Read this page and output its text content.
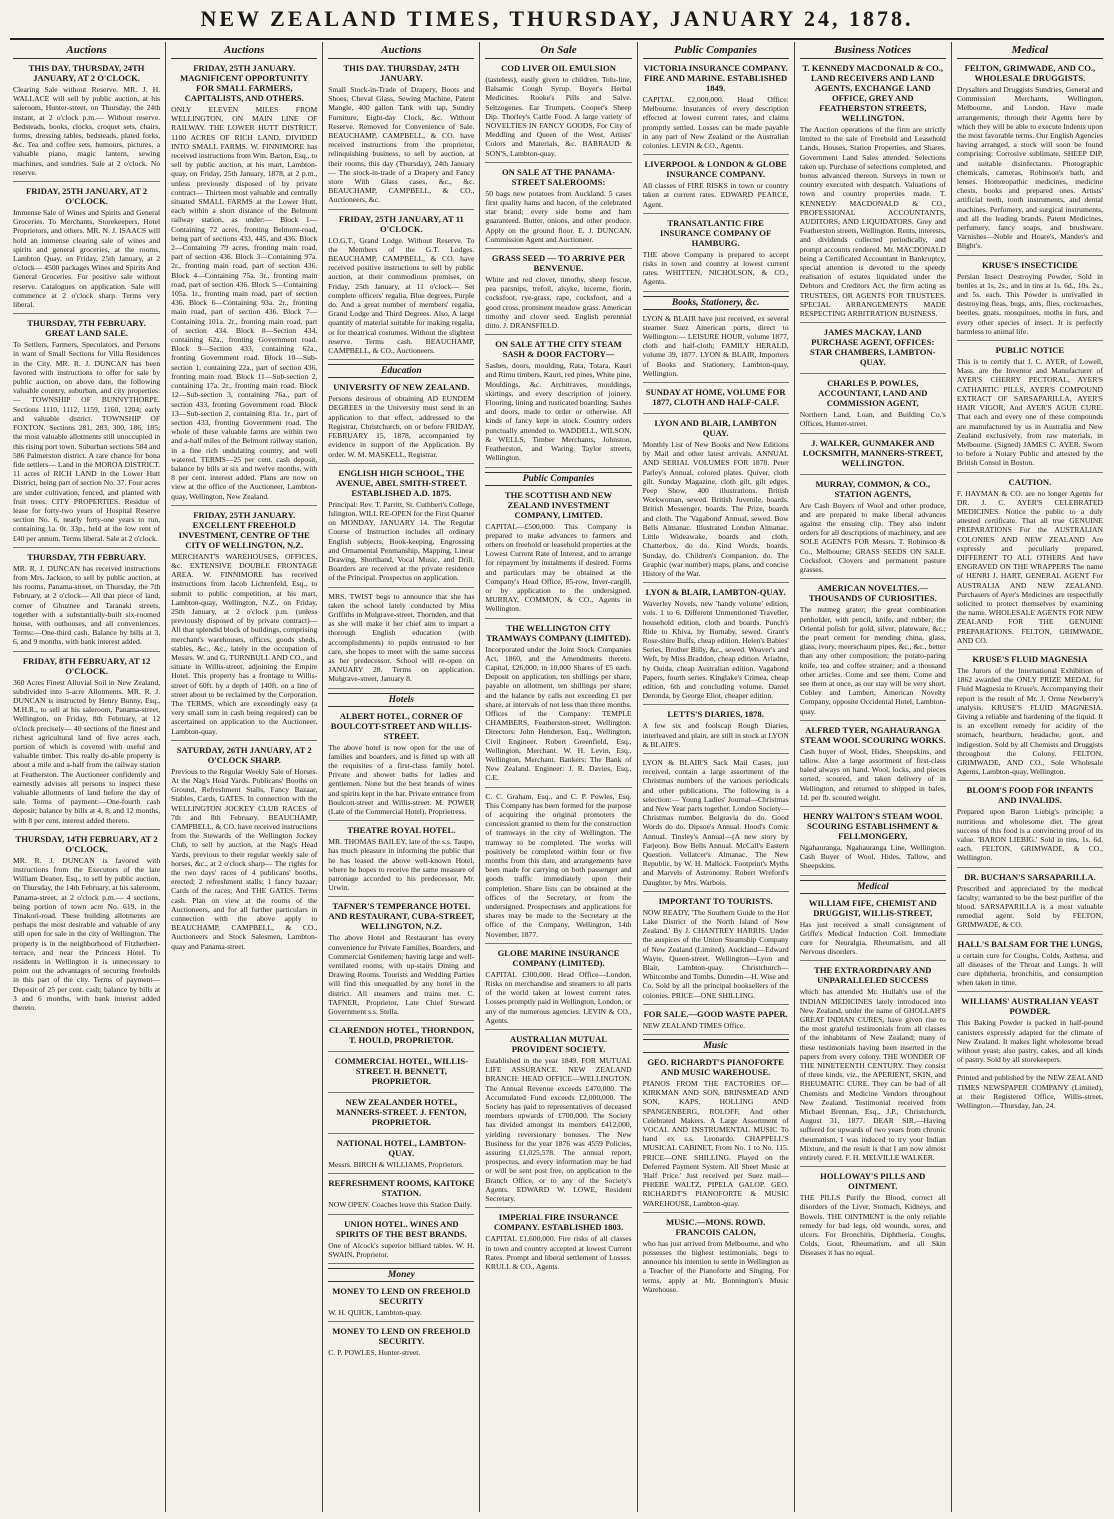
NEW ZEALAND TIMES, THURSDAY, JANUARY 24, 1878.
Auctions
THIS DAY. THURSDAY, 24TH JANUARY, AT 2 O'CLOCK.
Clearing Sale without Reserve. MR. J. H. WALLACE will sell by public auction, at his saleroom, Hunter-street, on Thursday, the 24th instant, at 2 o'clock p.m.— Without reserve. Bedsteads, books, clocks, croquet sets, chairs, forms, dressing tables, bedsteads, plated forks, &c. Tea and coffee sets, humours, pictures, a valuable piano, magic lantern, sewing machines, and sundries. Sale at 2 o'clock. No reserve.
FRIDAY, 25TH JANUARY, AT 2 O'CLOCK.
Immense Sale of Wines and Spirits and General Groceries. To Merchants, Storekeepers, Hotel Proprietors, and others. MR. N. J. ISAACS will hold an immense clearing sale of wines and spirits and general groceries, at the rooms, Lambton Quay, on Friday, 25th January, at 2 o'clock— 4500 packages Wines and Spirits And General Groceries. For positive sale without reserve. Catalogues on application. Sale will commence at 2 o'clock sharp. Terms very liberal.
THURSDAY, 7TH FEBRUARY. GREAT LAND SALE.
To Settlers, Farmers, Speculators, and Persons in want of Small Sections for Villa Residences in the City. MR. R. J. DUNCAN has been favored with instructions to offer for sale by public auction, on above date, the following valuable country, suburban, and city properties:— TOWNSHIP OF BUNNYTHORPE. Sections 1110, 1112, 1159, 1160, 1204; early and valuable district. TOWNSHIP OF FOXTON. Sections 281, 283, 300, 186, 185; the most valuable allotments still unoccupied in this rising port town. Suburban sections 584 and 586 Palmerston district. A rare chance for bona fide settlers— Land in the MOROA DISTRICT. 11 acres of RICH LAND in the Lower Hutt District, being part of section No. 37. Four acres are under cultivation, fenced, and planted with fruit trees. CITY PROPERTIES. Residue of lease for forty-two years of Hospital Reserve section No. 6, nearly forty-one years to run, containing 1a. 0r. 33p., held at the low rent of £40 per annum. Terms liberal. Sale at 2 o'clock.
THURSDAY, 7TH FEBRUARY.
MR. R. J. DUNCAN has received instructions from Mrs. Jackson, to sell by public auction, at his rooms, Panama-street, on Thursday, the 7th February, at 2 o'clock— All that piece of land, corner of Ghuznee and Taranaki streets, together with a substantially-built six-roomed house, with outhouses, and all conveniences. Terms:—One-third cash. Balance by bills at 3, 6, and 9 months, with bank interest added.
FRIDAY, 8TH FEBRUARY, AT 12 O'CLOCK.
360 Acres Finest Alluvial Soil in New Zealand, subdivided into 5-acre Allotments. MR. R. J. DUNCAN is instructed by Henry Bunny, Esq., M.H.R., to sell at his saleroom, Panama-street, Wellington, on Friday, 8th February, at 12 o'clock precisely— 40 sections of the finest and richest agricultural land of five acres each, portion of which is covered with useful and valuable timber. This really do-able property is about a mile and a-half from the railway station at Featherston. The Auctioneer confidently and earnestly advises all persons to inspect these valuable allotments of land before the day of sale. Terms of payment:—One-fourth cash deposit; balance by bills at 4, 8, and 12 months, with 8 per cent. interest added thereto.
THURSDAY, 14TH FEBRUARY, AT 2 O'CLOCK.
MR. R. J. DUNCAN is favored with instructions from the Executors of the late William Deaner, Esq., to sell by public auction, on Thursday, the 14th February, at his saleroom, Panama-street, at 2 o'clock p.m.— 4 sections, being portion of town acre No. 619, in the Tinakori-road. These building allotments are perhaps the most desirable and valuable of any still open for sale in the city of Wellington. The property is in the neighborhood of Fitzherbert-terrace, and near the Princess Hotel. To residents in Wellington it is unnecessary to point out the advantages of securing freeholds in this part of the city. Terms of payment— Deposit of 25 per cent. cash; balance by bills at 3 and 6 months, with bank interest added thereto.
Auctions
FRIDAY, 25TH JANUARY. MAGNIFICENT OPPORTUNITY FOR SMALL FARMERS, CAPITALISTS, AND OTHERS.
ONLY ELEVEN MILES FROM WELLINGTON, ON MAIN LINE OF RAILWAY. THE LOWER HUTT DISTRICT. 1100 ACRES OF RICH LAND, DIVIDED INTO SMALL FARMS. W. FINNIMORE has received instructions from Wm. Barton, Esq., to sell by public auction, at his mart, Lambton-quay, on Friday, 25th January, 1878, at 2 p.m., unless previously disposed of by private contract— Thirteen most valuable and centrally situated SMALL FARMS at the Lower Hutt, each within a short distance of the Belmont railway station, as under:— Block 1—Containing 72 acres, fronting Belmont-road, being part of sections 433, 445, and 436. Block 2—Containing 79 acres, fronting main road, part of section 436. Block 3—Containing 97a. 2r., fronting main road, part of section 436. Block 4—Containing 75a. 3r., fronting main road, part of section 436. Block 5—Containing 105a. 1r., fronting main road, part of section 436. Block 6—Containing 93a. 2r., fronting main road, part of section 436. Block 7—Containing 101a. 2r., fronting main road, part of section 434. Block 8—Section 434, containing 62a., fronting Government road. Block 9—Section 433, containing 62a., fronting Government road. Block 10—Sub-section 1, containing 22a., part of section 436, fronting main road. Block 11—Sub-section 2, containing 17a. 2r., fronting main road. Block 12—Sub-section 3, containing 76a., part of section 433, fronting Government road. Block 13—Sub-section 2, containing 81a. 1r., part of section 433, fronting Government road. The whole of these valuable farms are within two and a-half miles of the Belmont railway station, in a fine rich undulating country, and well watered. TERMS—25 per cent. cash deposit, balance by bills at six and twelve months, with 8 per cent. interest added. Plans are now on view at the office of the Auctioneer, Lambton-quay, Wellington, New Zealand.
FRIDAY, 25TH JANUARY. EXCELLENT FREEHOLD INVESTMENT, CENTRE OF THE CITY OF WELLINGTON, N.Z.
MERCHANT'S WAREHOUSES, OFFICES, &c. EXTENSIVE DOUBLE FRONTAGE AREA. W. FINNIMORE has received instructions from Jacob Lichtenfeld, Esq., to submit to public competition, at his mart, Lambton-quay, Wellington, N.Z., on Friday, 25th January, at 2 o'clock p.m. (unless previously disposed of by private contract)— All that splendid block of buildings, comprising merchant's warehouses, offices, goods sheds, stables, &c., &c., lately in the occupation of Messrs. W. and G. TURNBULL AND CO., and situate in Willis-street, adjoining the Empire Hotel. This property has a frontage to Willis-street of 60ft. by a depth of 140ft. on a line of street about to be reclaimed by the Corporation. The TERMS, which are exceedingly easy (a very small sum in cash being required) can be ascertained on application to the Auctioneer, Lambton-quay.
SATURDAY, 26TH JANUARY, AT 2 O'CLOCK SHARP.
Previous to the Regular Weekly Sale of Horses. At the Nag's Head Yards. Publicans' Booths on Ground, Refreshment Stalls, Fancy Bazaar, Stables, Cards, GATES. In connection with the WELLINGTON JOCKEY CLUB RACES of 7th and 8th February. BEAUCHAMP, CAMPBELL, & CO. have received instructions from the Stewards of the Wellington Jockey Club, to sell by auction, at the Nag's Head Yards, previous to their regular weekly sale of horses, &c., at 2 o'clock sharp— The rights for the two days' races of 4 publicans' booths, erected; 2 refreshment stalls; 1 fancy bazaar; Cards of the races; And THE GATES. Terms cash. Plan on view at the rooms of the Auctioneers, and for all further particulars in connection with the above apply to BEAUCHAMP, CAMPBELL, & CO., Auctioneers and Stock Salesmen, Lambton-quay and Panama-street.
Auctions
THIS DAY. THURSDAY, 24TH JANUARY.
Small Stock-in-Trade of Drapery, Boots and Shoes, Cheval Glass, Sewing Machine, Patent Mangle, 400 gallon Tank with tap, Sundry Furniture, Eight-day Clock, &c. Without Reserve. Removed for Convenience of Sale. BEAUCHAMP, CAMPBELL, & CO. have received instructions from the proprietor, relinquishing business, to sell by auction, at their rooms, this day (Thursday), 24th January— The stock-in-trade of a Drapery and Fancy store With Glass cases, &c., &c. BEAUCHAMP, CAMPBELL, & CO., Auctioneers, &c.
FRIDAY, 25TH JANUARY, AT 11 O'CLOCK.
I.O.G.T., Grand Lodge. Without Reserve. To the Members of the G.T. Lodges. BEAUCHAMP, CAMPBELL, & CO. have received positive instructions to sell by public auction, at their commodious premises, on Friday, 25th January, at 11 o'clock— Set complete officers' regalia, Blue degrees, Purple do. And a great number of members' regalia, Grand Lodge and Third Degrees. Also, A large quantity of material suitable for making regalia, or for theatrical costumes. Without the slightest reserve. Terms cash. BEAUCHAMP, CAMPBELL, & CO., Auctioneers.
Education
UNIVERSITY OF NEW ZEALAND.
Persons desirous of obtaining AD EUNDEM DEGREES in the University must send in an application to that effect, addressed to the Registrar, Christchurch, on or before FRIDAY, FEBRUARY 15, 1878, accompanied by evidence in support of the Application. By order. W. M. MASKELL, Registrar.
ENGLISH HIGH SCHOOL, THE AVENUE, ABEL SMITH-STREET. ESTABLISHED A.D. 1875.
Principal: Rev. T. Parritt, St. Cuthbert's College, Islington. WILL RE-OPEN for the First Quarter on MONDAY, JANUARY 14. The Regular Course of Instruction includes all ordinary English subjects, Book-keeping, Engrossing and Ornamental Penmanship, Mapping, Linear Drawing, Shorthand, Vocal Music, and Drill. Boarders are received at the private residence of the Principal. Prospectus on application.
MRS. TWIST begs to announce that she has taken the school lately conducted by Miss Griffiths in Mulgrave-street, Thornden, and that as she will make it her chief aim to impart a thorough English education (with accomplishments) to pupils entrusted to her care, she hopes to meet with the same success as her predecessor. School will re-open on JANUARY 28. Terms on application. Mulgrave-street, January 8.
Hotels
ALBERT HOTEL, CORNER OF BOULCOTT-STREET AND WILLIS-STREET.
The above hotel is now open for the use of families and boarders, and is fitted up with all the requisites of a first-class family hotel. Private and shower baths for ladies and gentlemen. None but the best brands of wines and spirits kept in the bar. Private entrance from Boulcott-street and Willis-street. M. POWER (Late of the Commercial Hotel), Proprietress.
THEATRE ROYAL HOTEL.
MR. THOMAS BAILEY, late of the s.s. Taupo, has much pleasure in informing the public that he has leased the above well-known Hotel, where he hopes to receive the same measure of patronage accorded to his predecessor, Mr. Urwin.
TAFNER'S TEMPERANCE HOTEL AND RESTAURANT, CUBA-STREET, WELLINGTON, N.Z.
The above Hotel and Restaurant has every convenience for Private Families, Boarders, and Commercial Gentlemen; having large and well-ventilated rooms, with up-stairs Dining and Drawing Rooms. Tourists and Wedding Parties will find this unequalled by any hotel in the district. All steamers and trains met. C. TAFNER, Proprietor, Late Chief Steward Government s.s. Stella.
CLARENDON HOTEL, THORNDON, T. HOULD, PROPRIETOR.
COMMERCIAL HOTEL, WILLIS-STREET. H. BENNETT, PROPRIETOR.
NEW ZEALANDER HOTEL, MANNERS-STREET. J. FENTON, PROPRIETOR.
NATIONAL HOTEL, LAMBTON-QUAY.
Messrs. BIRCH & WILLIAMS, Proprietors.
REFRESHMENT ROOMS, KAITOKE STATION.
NOW OPEN. Coaches leave this Station Daily.
UNION HOTEL. WINES AND SPIRITS OF THE BEST BRANDS.
One of Alcock's superior billiard tables. W. H. SWAIN, Proprietor.
Money
MONEY TO LEND ON FREEHOLD SECURITY
W. H. QUICK, Lambton-quay.
MONEY TO LEND ON FREEHOLD SECURITY.
C. P. POWLES, Hunter-street.
On Sale
COD LIVER OIL EMULSION
(tasteless), easily given to children. Tolu-line, Balsamic Cough Syrup. Boyer's Herbal Medicines. Rooke's Pills and Salve. Seltzogenes. Ear Trumpets. Cooper's Sheep Dip. Thorley's Cattle Food. A large variety of NOVELTIES IN FANCY GOODS, For City of Meddling and Queen of the West, Artists' Colors and Materials, &c. BARRAUD & SON'S, Lambton-quay.
ON SALE AT THE PANAMA-STREET SALEROOMS:
50 bags new potatoes from Auckland. 5 cases first quality hams and bacon, of the celebrated star brand; every side home and ham guaranteed. Butter, onions, and other produce. Apply on the ground floor. E. J. DUNCAN, Commission Agent and Auctioneer.
GRASS SEED — TO ARRIVE PER BENVENUE.
White and red clover, timothy, sheep fescue, pea parsnips, trefoil, alsyke, lucerne, fiorin, cocksfoot, rye-grass, rape, cocksfoot, and a good cross, prominent meadow grass. American timothy and clover seed. English perennial ditto. J. DRANSFIELD.
ON SALE AT THE CITY STEAM SASH & DOOR FACTORY—
Sashes, doors, moulding, Rata, Totara, Kauri and Rimu timbers, Kauri, red pines, White pine, Mouldings, &c. Architraves, mouldings, skirtings, and every description of joinery. Flooring, lining and rusticated boarding. Sashes and doors, made to order or otherwise. All kinds of fancy kept in stock. Country orders punctually attended to. WADDELL, WILSON, & WELLS, Timber Merchants, Johnston, Featherston, and Waring Taylor streets, Wellington.
Public Companies
THE SCOTTISH AND NEW ZEALAND INVESTMENT COMPANY, LIMITED.
CAPITAL—£500,000. This Company is prepared to make advances to farmers and others on freehold or leasehold properties at the Lowest Current Rate of Interest, and to arrange for repayment by instalments if desired. Forms and particulars may be obtained at the Company's Head Office, 85-row, Inver-cargill, or by application to the undersigned. MURRAY, COMMON, & CO., Agents in Wellington.
THE WELLINGTON CITY TRAMWAYS COMPANY (LIMITED).
Incorporated under the Joint Stock Companies Act, 1860, and the Amendments thereto. Capital, £26,000, in 10,000 Shares of £5 each. Deposit on application, ten shillings per share, payable on allotment, ten shillings per share; and the balance by calls not exceeding £1 per share, at intervals of not less than three months. Offices of the Company: TEMPLE CHAMBERS, Featherston-street, Wellington. Directors: John Henderson, Esq., Wellington, Civil Engineer. Robert Greenfield, Esq., Wellington, Merchant. W. H. Levin, Esq., Wellington, Merchant. Bankers: The Bank of New Zealand. Engineer: J. R. Davies, Esq., C.E.
C. C. Graham, Esq., and C. P. Powles, Esq. This Company has been formed for the purpose of acquiring the original promoters the concession granted to them for the construction of tramways in the city of Wellington. The tramway to be completed. The works will positively be completed within four or five months from this date, and arrangements have been made for carrying on both passenger and goods traffic immediately upon their completion. Share lists can be obtained at the offices of the Secretary, or from the undersigned. Prospectuses and applications for shares may be made to the Secretary at the office of the Company, Wellington, 14th November, 1877.
GLOBE MARINE INSURANCE COMPANY (LIMITED).
CAPITAL £300,000. Head Office—London. Risks on merchandise and steamers to all parts of the world taken at lowest current rates. Losses promptly paid in Wellington, London, or any of the numerous agencies. LEVIN & CO., Agents.
AUSTRALIAN MUTUAL PROVIDENT SOCIETY.
Established in the year 1849. FOR MUTUAL LIFE ASSURANCE. NEW ZEALAND BRANCH: HEAD OFFICE—WELLINGTON. The Annual Revenue exceeds £470,000. The Accumulated Fund exceeds £2,000,000. The Society has paid to representatives of deceased members upwards of £700,000. The Society has divided amongst its members £412,000, yielding reversionary bonuses. The New Business for the year 1876 was 4559 Policies, assuring £1,025,578. The annual report, prospectus, and every information may be had or will be sent post free, on application to the Branch Office, or to any of the Society's Agents. EDWARD W. LOWE, Resident Secretary.
IMPERIAL FIRE INSURANCE COMPANY. ESTABLISHED 1803.
CAPITAL £1,600,000. Fire risks of all classes in town and country accepted at lowest Current Rates. Prompt and liberal settlement of Losses. KRULL & CO., Agents.
Public Companies
VICTORIA INSURANCE COMPANY. FIRE AND MARINE. ESTABLISHED 1849.
CAPITAL £2,000,000. Head Office: Melbourne. Insurances of every description effected at lowest current rates, and claims promptly settled. Losses can be made payable in any part of New Zealand or the Australian colonies. LEVIN & CO., Agents.
LIVERPOOL & LONDON & GLOBE INSURANCE COMPANY.
All classes of FIRE RISKS in town or country taken at current rates. EDWARD PEARCE, Agent.
TRANSATLANTIC FIRE INSURANCE COMPANY OF HAMBURG.
THE above Company is prepared to accept risks in town and country at lowest current rates. WHITTEN, NICHOLSON, & CO., Agents.
Books, Stationery, &c.
LYON & BLAIR have just received, ex several steamer Suez American ports, direct to Wellington:— LEISURE HOUR, volume 1877, cloth and half-cloth; FAMILY HERALD, volume 39, 1877. LYON & BLAIR, Importers of Books and Stationery, Lambton-quay, Wellington.
SUNDAY AT HOME, VOLUME FOR 1877, CLOTH AND HALF-CALF.
LYON AND BLAIR, LAMBTON QUAY.
Monthly List of New Books and New Editions by Mail and other latest arrivals. ANNUAL AND SERIAL VOLUMES FOR 1878. Peter Parley's Annual, colored plates. Quiver, cloth gilt. Sunday Magazine, cloth gilt, gilt edges. Peep Show, 400 illustrations. British Workwoman, sewed. British Juvenile, boards. British Messenger, boards. The Prize, boards and cloth. The 'Vagabond' Annual, sewed. Bow Bells Almanac. Illustrated London Almanac. Little Wideawake, boards and cloth. Chatterbox, do do. Kind Words, boards. Sunday, do. Children's Companion, do. The Graphic (war number) maps, plans, and concise History of the War.
LYON & BLAIR, LAMBTON-QUAY.
Waverley Novels, new 'handy volume' edition, vols. 1 to 6. Different Unmentioned Traveller, household edition, cloth and boards. Punch's Ride to Khiva, by Burnaby, sewed. Grant's Rose-shire Buffs, cheap edition. Helen's Babies' Series, Brother Billy, &c., sewed. Weaver's and Weft, by Miss Braddon, cheap edition. Ariadne, by Ouida, cheap Australian edition. Vagabond Papers, fourth series. Kinglake's Crimea, cheap edition, 6th and concluding volume. Daniel Deronda, by George Eliot, cheaper edition.
LETTS'S DIARIES, 1878.
A few six and foolscap Rough Diaries, interleaved and plain, are still in stock at LYON & BLAIR'S.
LYON & BLAIR'S Sack Mail Cases, just received, contain a large assortment of the Christmas numbers of the various periodicals and other publications. The following is a selection:— Young Ladies' Journal—Christmas and New Year parts together. London Society—Christmas number. Belgravia do do. Good Words do do. Dipsoe's Annual. Hood's Comic Annual. Tinsley's Annual—(A new story by Farjeon). Bow Bells Annual. McCall's Eastern Question. Vellatcer's Almanac. The New Republic, by W. H. Mallock. Footprint's Myths and Marvels of Astronomy. Robert Wreford's Daughter, by Mrs. Warbois.
IMPORTANT TO TOURISTS.
NOW READY, 'The Southern Guide to the Hot Lake District of the North Island of New Zealand.' By J. CHANTREY HARRIS. Under the auspices of the Union Steamship Company of New Zealand (Limited). Auckland—Edward Wayte, Queen-street. Wellington—Lyon and Blair, Lambton-quay. Christchurch—Whitcombe and Tombs. Dunedin—H. Wise and Co. Sold by all the principal booksellers of the colonies. PRICE—ONE SHILLING.
FOR SALE.—GOOD WASTE PAPER.
NEW ZEALAND TIMES Office.
Music
GEO. RICHARDT'S PIANOFORTE AND MUSIC WAREHOUSE.
PIANOS FROM THE FACTORIES OF—KIRKMAN AND SON, BRINSMEAD AND SON, KAPS, HOLLING AND SPANGENBERG, ROLOFF, And other Celebrated Makers. A Large Assortment of VOCAL AND INSTRUMENTAL MUSIC To hand ex s.s. Leonardo. CHAPPELL'S MUSICAL CABINET, From No. 1 to No. 115. PRICE—ONE SHILLING. Played on the Deferred Payment System. All Sheet Music at 'Half Price.' Just received per Suez mail— PHŒBE WALTZ, PIPELA GALOP. GEO. RICHARDT'S PIANOFORTE & MUSIC WAREHOUSE, Lambton-quay.
MUSIC.—MONS. ROWD. FRANCOIS CALON,
who has just arrived from Melbourne, and who possesses the highest testimonials, begs to announce his intention to settle in Wellington as a Teacher of the Pianoforte and Singing. For terms, apply at Mr. Bonnington's Music Warehouse.
Business Notices
T. KENNEDY MACDONALD & CO., LAND RECEIVERS AND LAND AGENTS, EXCHANGE LAND OFFICE, GREY AND FEATHERSTON STREETS, WELLINGTON.
The Auction operations of the firm are strictly limited to the sale of Freehold and Leasehold Lands, Houses, Station Properties, and Shares. Government Land Sales attended. Selections taken up. Purchase of selections completed, and bonus advanced thereon. Surveys in town or country executed with despatch. Valuations of town and country properties made. T. KENNEDY MACDONALD & CO., PROFESSIONAL ACCOUNTANTS, AUDITORS, AND LIQUIDATORS. Grey and Featherston streets, Wellington. Rents, interests, and dividends collected periodically, and prompt accounts rendered. Mr. MACDONALD being a Certificated Accountant in Bankruptcy, special attention is devoted to the speedy realisation of estates liquidated under the Debtors and Creditors Act, the firm acting as TRUSTEES, OR AGENTS FOR TRUSTEES. SPECIAL ARRANGEMENTS MADE RESPECTING ARBITRATION BUSINESS.
JAMES MACKAY, LAND PURCHASE AGENT, OFFICES: STAR CHAMBERS, LAMBTON-QUAY.
CHARLES P. POWLES, ACCOUNTANT, LAND AND COMMISSION AGENT,
Northern Land, Loan, and Building Co.'s Offices, Hunter-street.
J. WALKER, GUNMAKER AND LOCKSMITH, MANNERS-STREET, WELLINGTON.
MURRAY, COMMON, & CO., STATION AGENTS,
Are Cash Buyers of Wool and other produce, and are prepared to make liberal advances against the ensuing clip. They also indent orders for all descriptions of machinery, and are SOLE AGENTS FOR Messrs. T. Robinson & Co., Melbourne; GRASS SEEDS ON SALE. Cocksfoot. Clovers and permanent pasture grasses.
AMERICAN NOVELTIES.—THOUSANDS OF CURIOSITIES.
The nutmeg grater; the great combination penholder, with pencil, knife, and rubber; the Oriental polish for gold, silver, plateware, &c.; the pearl cement for mending china, glass, glass, ivory, meerschaum pipes, &c., &c., better than any other composition; the potato-paring knife, tea and coffee strainer; and a thousand other articles. Come and see them. Come and see them at once, as our stay will be very short. Cobley and Lambert, American Novelty Company, opposite Occidental Hotel, Lambton-quay.
ALFRED TYER, NGAHAURANGA STEAM WOOL SCOURING WORKS.
Cash buyer of Wool, Hides, Sheepskins, and tallow. Also a large assortment of first-class baled always on hand. Wool, locks, and pieces sorted, scoured, and taken delivery of in Wellington, and returned to shipped in bales, 1d. per lb. scoured weight.
HENRY WALTON'S STEAM WOOL SCOURING ESTABLISHMENT & FELLMONGERY,
Ngahauranga, Ngahauranga Line, Wellington. Cash Buyer of Wool, Hides, Tallow, and Sheepskins.
Medical
WILLIAM FIFE, CHEMIST AND DRUGGIST, WILLIS-STREET,
Has just received a small consignment of Griffe's Medical Induction Coil. Immediate cure for Neuralgia, Rheumatism, and all Nervous disorders.
THE EXTRAORDINARY AND UNPARALLELED SUCCESS
which has attended Mr. Hullah's use of the INDIAN MEDICINES lately introduced into New Zealand, under the name of GHOLLAH'S GREAT INDIAN CURES, have given rise to the most grateful testimonials from all classes of the inhabitants of New Zealand; many of these testimonials having been inserted in the papers from every colony. THE WONDER OF THE NINETEENTH CENTURY. They consist of three kinds, viz., the APERIENT, SKIN, and RHEUMATIC CURE. They can be had of all Chemists and Medicine Vendors throughout New Zealand. Testimonial received from Michael Brennan, Esq., J.P., Christchurch, August 31, 1877. DEAR SIR,—Having suffered for upwards of two years from chronic rheumatism, I was induced to try your Indian Mixture, and the result is that I am now almost entirely cured. F. H. MELVILLE WALKER.
HOLLOWAY'S PILLS AND OINTMENT.
THE PILLS Purify the Blood, correct all disorders of the Liver, Stomach, Kidneys, and Bowels. THE OINTMENT is the only reliable remedy for bad legs, old wounds, sores, and ulcers. For Bronchitis, Diphtheria, Coughs, Colds, Gout, Rheumatism, and all Skin Diseases it has no equal.
Medical
FELTON, GRIMWADE, AND CO., WHOLESALE DRUGGISTS.
Drysalters and Druggists Sundries, General and Commission Merchants, Wellington, Melbourne, and London. Have made arrangements, through their Agents here by which they will be able to execute Indents upon the most favorable terms. Our English Agencies having arranged, a stock will soon be found comprising: Corrosive sublimate, SHEEP DIP, and suitable disinfectants. Photographic chemicals, cameras, Robinson's bath, and lenses. Homœopathic medicines, medicine chests, books and prepared ones. Artists' artificial teeth, tooth instruments, and dental machines. Perfumery, and surgical instruments, and all the leading brands. Patent Medicines, perfumery, fancy soaps, and brushware. Varnishes—Noble and Hoare's, Mander's and Blight's.
KRUSE'S INSECTICIDE
Persian Insect Destroying Powder, Sold in bottles at 1s, 2s., and in tins at 1s. 6d., 10s. 2s., and 5s. each. This Powder is unrivalled in destroying fleas, bugs, ants, flies, cockroaches, beetles, gnats, mosquitoes, moths in furs, and every other species of insect. It is perfectly harmless to animal life.
PUBLIC NOTICE
This is to certify that J. C. AYER, of Lowell, Mass. are the Inventor and Manufacturer of AYER'S CHERRY PECTORAL, AYER'S CATHARTIC PILLS, AYER'S COMPOUND EXTRACT OF SARSAPARILLA, AYER'S HAIR VIGOR, And AYER'S AGUE CURE. That each and every one of these compounds are manufactured by us in Australia and New Zealand exclusively, from raw materials, in Melbourne. (Signed) JAMES C. AYER. Sworn to before a Notary Public and attested by the British Consul in Boston.
CAUTION.
F. HAYMAN & CO. are no longer Agents for DR. J. C. AYER'S CELEBRATED MEDICINES. Notice the public to a duly attested certificate. That all true GENUINE PREPARATIONS For the AUSTRALIAN COLONIES AND NEW ZEALAND Are expressly and peculiarly prepared, DIFFERENT TO ALL OTHERS And have ENGRAVED ON THE WRAPPERS The name of HENRI J. HART, GENERAL AGENT For AUSTRALIA AND NEW ZEALAND. Purchasers of Ayer's Medicines are respectfully solicited to protect themselves by examining the name. WHOLESALE AGENTS FOR NEW ZEALAND FOR THE GENUINE PREPARATIONS. FELTON, GRIMWADE, AND CO.
KRUSE'S FLUID MAGNESIA
The Jurors of the International Exhibition of 1862 awarded the ONLY PRIZE MEDAL for Fluid Magnesia to Kruse's. Accompanying their report is the result of Mr. J. Orme Newberry's analysis. KRUSE'S FLUID MAGNESIA. Giving a reliable and hardening of the liquid. It is an excellent remedy for acidity of the stomach, heartburn, headache, gout, and indigestion. Sold by all Chemists and Druggists throughout the Colony. FELTON, GRIMWADE, AND CO., Sole Wholesale Agents, Lambton-quay, Wellington.
BLOOM'S FOOD FOR INFANTS AND INVALIDS.
Prepared upon Baron Liebig's principle; a nutritious and wholesome diet. The great success of this food is a convincing proof of its value. 'BARON LIEBIG.' Sold in tins, 1s. 6d. each. FELTON, GRIMWADE, & CO., Wellington.
DR. BUCHAN'S SARSAPARILLA.
Prescribed and appreciated by the medical faculty; warranted to be the best purifier of the blood. SARSAPARILLA is a most valuable remedial agent. Sold by FELTON, GRIMWADE, & CO.
HALL'S BALSAM FOR THE LUNGS,
a certain cure for Coughs, Colds, Asthma, and all diseases of the Throat and Lungs. It will cure diphtheria, bronchitis, and consumption when taken in time.
WILLIAMS' AUSTRALIAN YEAST POWDER.
This Baking Powder is packed in half-pound canisters expressly adapted for the climate of New Zealand. It makes light wholesome bread without yeast; also pastry, cakes, and all kinds of pastry. Sold by all storekeepers.
Printed and published by the NEW ZEALAND TIMES NEWSPAPER COMPANY (Limited), at their Registered Office, Willis-street, Wellington.—Thursday, Jan. 24.
